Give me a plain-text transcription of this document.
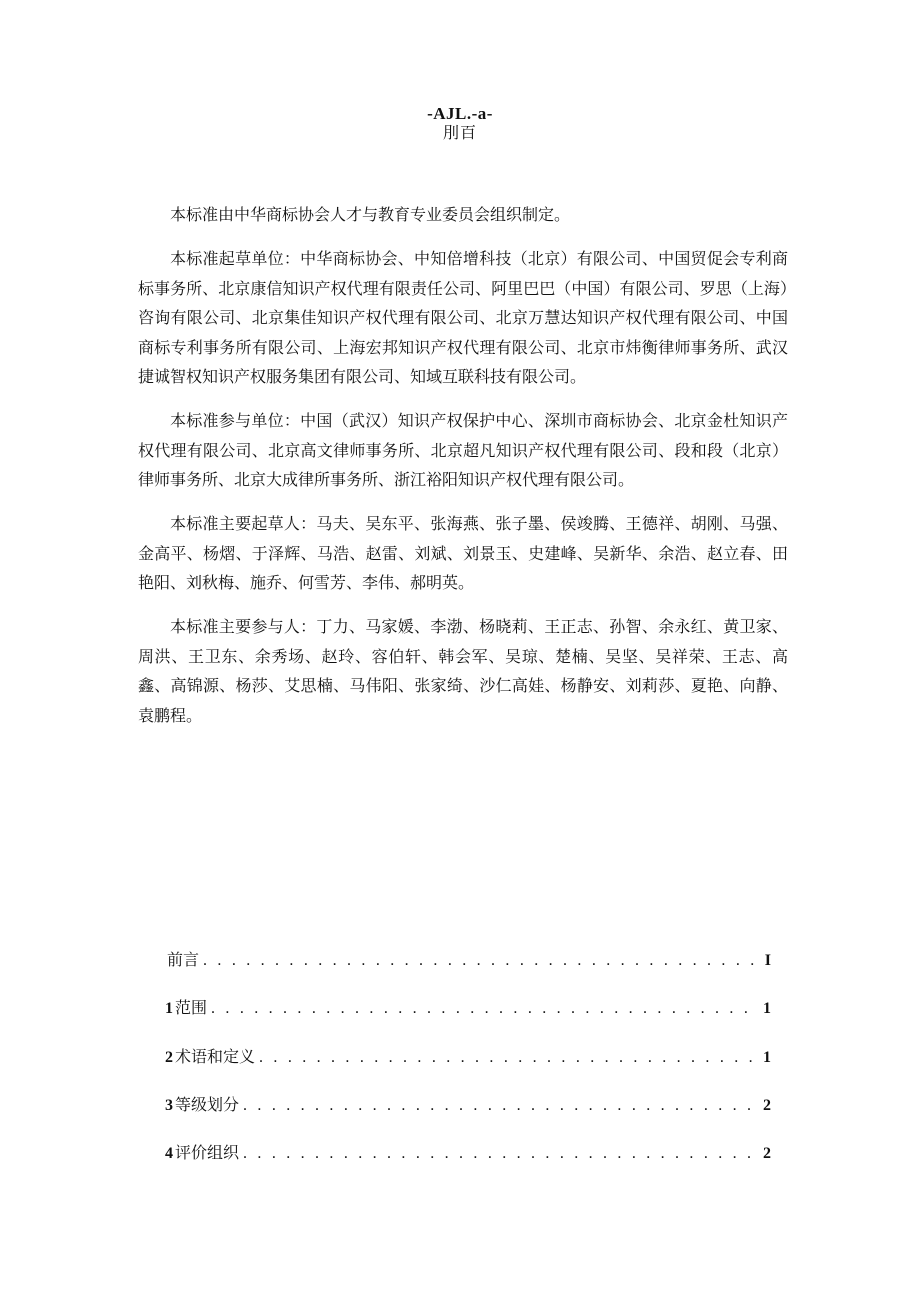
-AJL.-a-
刖百

本标准由中华商标协会人才与教育专业委员会组织制定。

本标准起草单位：中华商标协会、中知倍增科技（北京）有限公司、中国贸促会专利商标事务所、北京康信知识产权代理有限责任公司、阿里巴巴（中国）有限公司、罗思（上海）咨询有限公司、北京集佳知识产权代理有限公司、北京万慧达知识产权代理有限公司、中国商标专利事务所有限公司、上海宏邦知识产权代理有限公司、北京市炜衡律师事务所、武汉捷诚智权知识产权服务集团有限公司、知域互联科技有限公司。

本标准参与单位：中国（武汉）知识产权保护中心、深圳市商标协会、北京金杜知识产权代理有限公司、北京高文律师事务所、北京超凡知识产权代理有限公司、段和段（北京）律师事务所、北京大成律所事务所、浙江裕阳知识产权代理有限公司。

本标准主要起草人：马夫、吴东平、张海燕、张子墨、侯竣腾、王德祥、胡刚、马强、金高平、杨熠、于泽辉、马浩、赵雷、刘斌、刘景玉、史建峰、吴新华、余浩、赵立春、田艳阳、刘秋梅、施乔、何雪芳、李伟、郝明英。

本标准主要参与人：丁力、马家媛、李渤、杨晓莉、王正志、孙智、余永红、黄卫家、周洪、王卫东、余秀场、赵玲、容伯轩、韩会军、吴琼、楚楠、吴坚、吴祥荣、王志、高鑫、高锦源、杨莎、艾思楠、马伟阳、张家绮、沙仁高娃、杨静安、刘莉莎、夏艳、向静、袁鹏程。

前言 . . .	I
1 范围 . . .	1
2 术语和定义 . . .	1
3 等级划分 . . .	2
4 评价组织 . . .	2
